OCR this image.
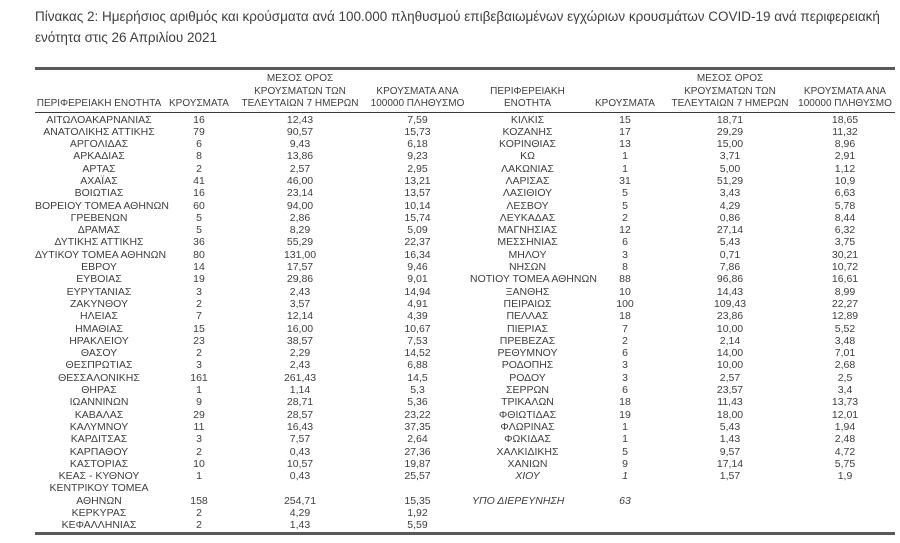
Πίνακας 2: Ημερήσιος αριθμός και κρούσματα ανά 100.000 πληθυσμού επιβεβαιωμένων εγχώριων κρουσμάτων COVID-19 ανά περιφερειακή ενότητα στις 26 Απριλίου 2021
ΠΕΡΙΦΕΡΕΙΑΚΗ ΕΝΟΤΗΤΑ	ΚΡΟΥΣΜΑΤΑ	ΜΕΣΟΣ ΟΡΟΣ ΚΡΟΥΣΜΑΤΩΝ ΤΩΝ ΤΕΛΕΥΤΑΙΩΝ 7 ΗΜΕΡΩΝ	ΚΡΟΥΣΜΑΤΑ ΑΝΑ 100000 ΠΛΗΘΥΣΜΟ	ΠΕΡΙΦΕΡΕΙΑΚΗ ΕΝΟΤΗΤΑ	ΚΡΟΥΣΜΑΤΑ	ΜΕΣΟΣ ΟΡΟΣ ΚΡΟΥΣΜΑΤΩΝ ΤΩΝ ΤΕΛΕΥΤΑΙΩΝ 7 ΗΜΕΡΩΝ	ΚΡΟΥΣΜΑΤΑ ΑΝΑ 100000 ΠΛΗΘΥΣΜΟ
ΑΙΤΩΛΟΑΚΑΡΝΑΝΙΑΣ	16	12,43	7,59	ΚΙΛΚΙΣ	15	18,71	18,65
ΑΝΑΤΟΛΙΚΗΣ ΑΤΤΙΚΗΣ	79	90,57	15,73	ΚΟΖΑΝΗΣ	17	29,29	11,32
ΑΡΓΟΛΙΔΑΣ	6	9,43	6,18	ΚΟΡΙΝΘΙΑΣ	13	15,00	8,96
ΑΡΚΑΔΙΑΣ	8	13,86	9,23	ΚΩ	1	3,71	2,91
ΑΡΤΑΣ	2	2,57	2,95	ΛΑΚΩΝΙΑΣ	1	5,00	1,12
ΑΧΑΪΑΣ	41	46,00	13,21	ΛΑΡΙΣΑΣ	31	51,29	10,9
ΒΟΙΩΤΙΑΣ	16	23,14	13,57	ΛΑΣΙΘΙΟΥ	5	3,43	6,63
ΒΟΡΕΙΟΥ ΤΟΜΕΑ ΑΘΗΝΩΝ	60	94,00	10,14	ΛΕΣΒΟΥ	5	4,29	5,78
ΓΡΕΒΕΝΩΝ	5	2,86	15,74	ΛΕΥΚΑΔΑΣ	2	0,86	8,44
ΔΡΑΜΑΣ	5	8,29	5,09	ΜΑΓΝΗΣΙΑΣ	12	27,14	6,32
ΔΥΤΙΚΗΣ ΑΤΤΙΚΗΣ	36	55,29	22,37	ΜΕΣΣΗΝΙΑΣ	6	5,43	3,75
ΔΥΤΙΚΟΥ ΤΟΜΕΑ ΑΘΗΝΩΝ	80	131,00	16,34	ΜΗΛΟΥ	3	0,71	30,21
ΕΒΡΟΥ	14	17,57	9,46	ΝΗΣΩΝ	8	7,86	10,72
ΕΥΒΟΙΑΣ	19	29,86	9,01	ΝΟΤΙΟΥ ΤΟΜΕΑ ΑΘΗΝΩΝ	88	96,86	16,61
ΕΥΡΥΤΑΝΙΑΣ	3	2,43	14,94	ΞΑΝΘΗΣ	10	14,43	8,99
ΖΑΚΥΝΘΟΥ	2	3,57	4,91	ΠΕΙΡΑΙΩΣ	100	109,43	22,27
ΗΛΕΙΑΣ	7	12,14	4,39	ΠΕΛΛΑΣ	18	23,86	12,89
ΗΜΑΘΙΑΣ	15	16,00	10,67	ΠΙΕΡΙΑΣ	7	10,00	5,52
ΗΡΑΚΛΕΙΟΥ	23	38,57	7,53	ΠΡΕΒΕΖΑΣ	2	2,14	3,48
ΘΑΣΟΥ	2	2,29	14,52	ΡΕΘΥΜΝΟΥ	6	14,00	7,01
ΘΕΣΠΡΩΤΙΑΣ	3	2,43	6,88	ΡΟΔΟΠΗΣ	3	10,00	2,68
ΘΕΣΣΑΛΟΝΙΚΗΣ	161	261,43	14,5	ΡΟΔΟΥ	3	2,57	2,5
ΘΗΡΑΣ	1	1,14	5,3	ΣΕΡΡΩΝ	6	23,57	3,4
ΙΩΑΝΝΙΝΩΝ	9	28,71	5,36	ΤΡΙΚΑΛΩΝ	18	11,43	13,73
ΚΑΒΑΛΑΣ	29	28,57	23,22	ΦΘΙΩΤΙΔΑΣ	19	18,00	12,01
ΚΑΛΥΜΝΟΥ	11	16,43	37,35	ΦΛΩΡΙΝΑΣ	1	5,43	1,94
ΚΑΡΔΙΤΣΑΣ	3	7,57	2,64	ΦΩΚΙΔΑΣ	1	1,43	2,48
ΚΑΡΠΑΘΟΥ	2	0,43	27,36	ΧΑΛΚΙΔΙΚΗΣ	5	9,57	4,72
ΚΑΣΤΟΡΙΑΣ	10	10,57	19,87	ΧΑΝΙΩΝ	9	17,14	5,75
ΚΕΑΣ - ΚΥΘΝΟΥ	1	0,43	25,57	ΧΙΟΥ	1	1,57	1,9
ΚΕΝΤΡΙΚΟΥ ΤΟΜΕΑ ΑΘΗΝΩΝ	158	254,71	15,35	ΥΠΟ ΔΙΕΡΕΥΝΗΣΗ	63		
ΚΕΡΚΥΡΑΣ	2	4,29	1,92				
ΚΕΦΑΛΛΗΝΙΑΣ	2	1,43	5,59				
